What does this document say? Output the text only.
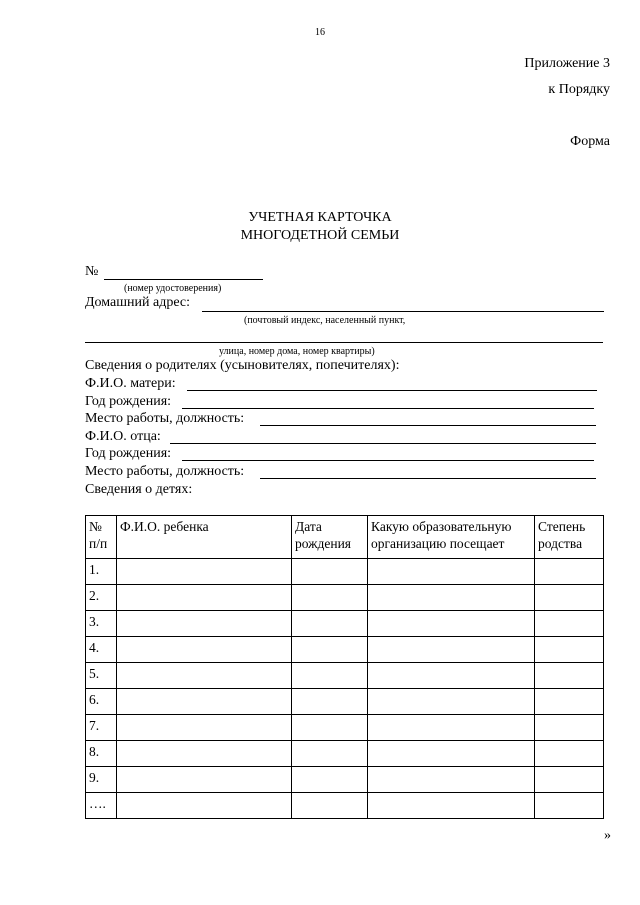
16
Приложение 3
к Порядку
Форма
УЧЕТНАЯ КАРТОЧКА
МНОГОДЕТНОЙ СЕМЬИ
№
(номер удостоверения)
Домашний адрес:
(почтовый индекс, населенный пункт,
улица, номер дома, номер квартиры)
Сведения о родителях (усыновителях, попечителях):
Ф.И.О. матери:
Год рождения:
Место работы, должность:
Ф.И.О. отца:
Год рождения:
Место работы, должность:
Сведения о детях:
№ п/п	Ф.И.О. ребенка	Дата рождения	Какую образовательную организацию посещает	Степень родства
1.				
2.				
3.				
4.				
5.				
6.				
7.				
8.				
9.				
….				
»
